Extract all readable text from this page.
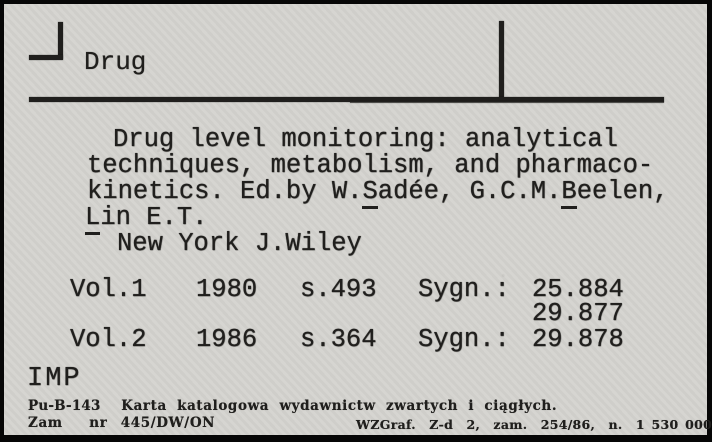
Drug
Drug level monitoring: analytical
techniques, metabolism, and pharmaco-
kinetics. Ed.by W.Sadée, G.C.M.Beelen,
Lin E.T.
New York J.Wiley
Vol.1 1980 s.493 Sygn.: 25.884
29.877
Vol.2 1986 s.364 Sygn.: 29.878
IMP
Pu-B-143 Karta katalogowa wydawnictw zwartych i ciągłych.
Zam  nr 445/DW/ON	WZGraf.  Z-d  2,  zam.  254/86,  n.  1 530 000
